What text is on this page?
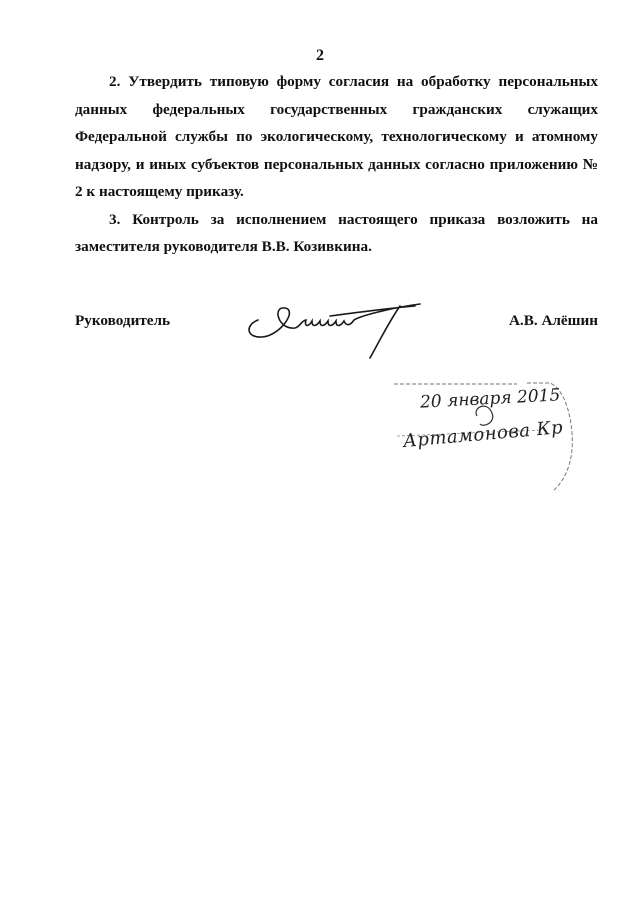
2

2. Утвердить типовую форму согласия на обработку персональных данных федеральных государственных гражданских служащих Федеральной службы по экологическому, технологическому и атомному надзору, и иных субъектов персональных данных согласно приложению № 2 к настоящему приказу.

3. Контроль за исполнением настоящего приказа возложить на заместителя руководителя В.В. Козивкина.

Руководитель	А.В. Алёшин
20 января 2015
Артамонова Кр
